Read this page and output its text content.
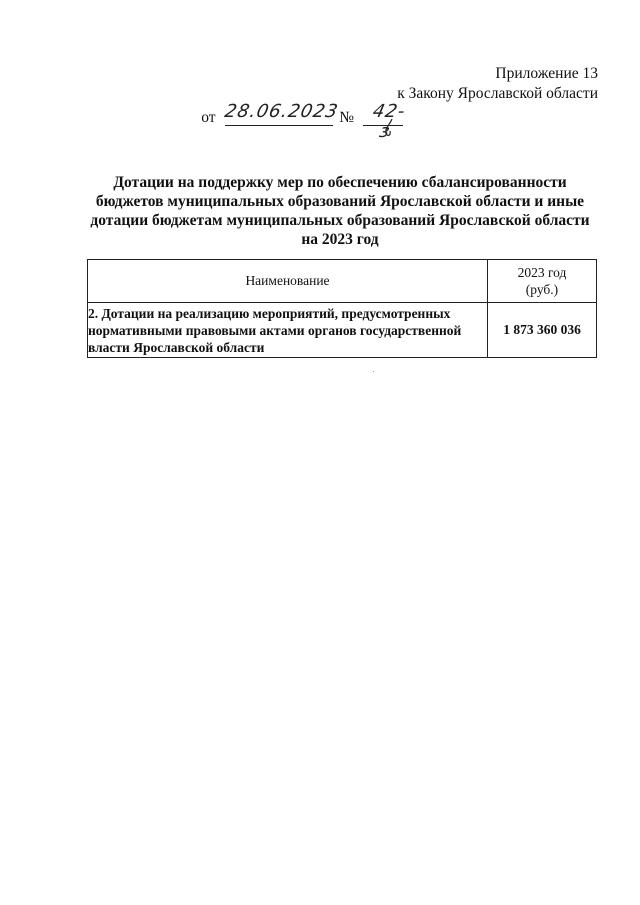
Приложение 13
к Закону Ярославской области
от 28.06.2023
№ 42-з
Дотации на поддержку мер по обеспечению сбалансированности
бюджетов муниципальных образований Ярославской области и иные
дотации бюджетам муниципальных образований Ярославской области
на 2023 год
Наименование	2023 год
(руб.)

2. Дотации на реализацию мероприятий, предусмотренных нормативными правовыми актами органов государственной власти Ярославской области	1 873 360 036
